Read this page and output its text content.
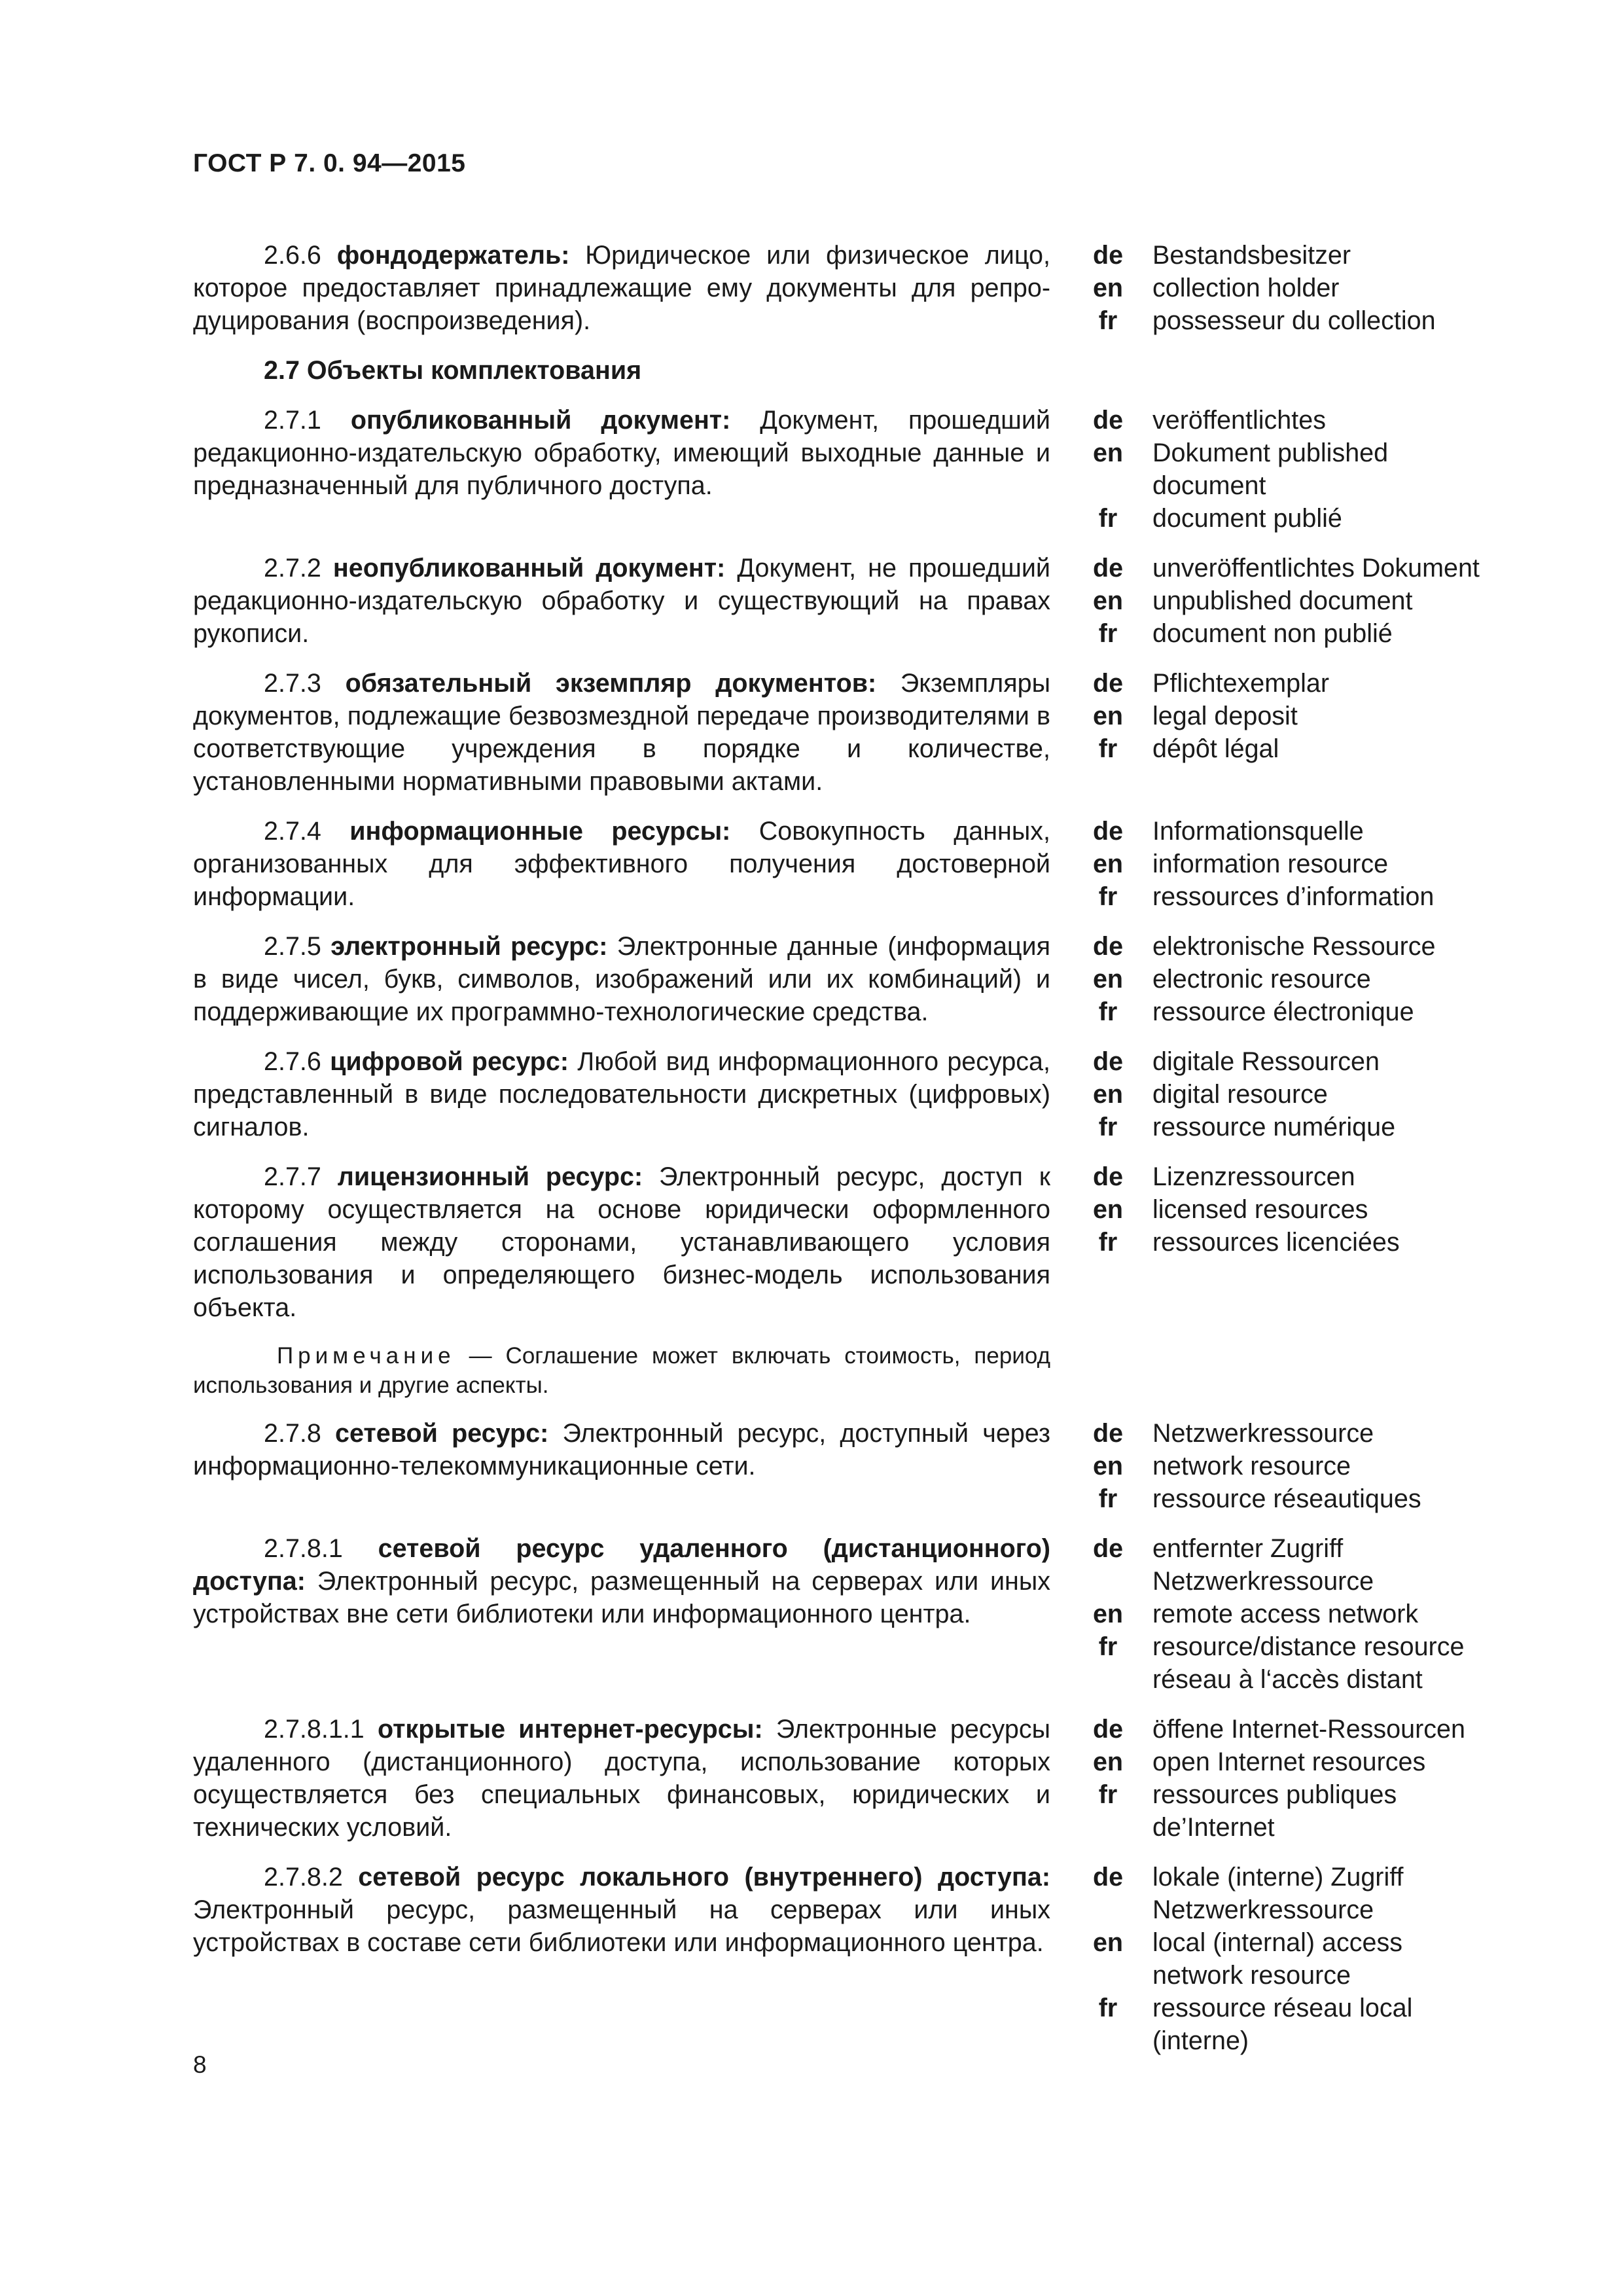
ГОСТ Р 7. 0. 94—2015
2.6.6 фондодержатель: Юридическое или физическое лицо, которое предоставляет принадлежащие ему документы для репро-дуцирования (воспроизведения).
de
en
fr
Bestandsbesitzer
collection holder
possesseur du collection
2.7 Объекты комплектования
2.7.1 опубликованный документ: Документ, прошедший редакционно-издательскую обработку, имеющий выходные данные и предназначенный для публичного доступа.
de
en
fr
veröffentlichtes
Dokument published
document
document publié
2.7.2 неопубликованный документ: Документ, не прошедший редакционно-издательскую обработку и существующий на правах рукописи.
de
en
fr
unveröffentlichtes Dokument
unpublished document
document non publié
2.7.3 обязательный экземпляр документов: Экземпляры документов, подлежащие безвозмездной передаче производителями в соответствующие учреждения в порядке и количестве, установленными нормативными правовыми актами.
de
en
fr
Pflichtexemplar
legal deposit
dépôt légal
2.7.4 информационные ресурсы: Совокупность данных, организованных для эффективного получения достоверной информации.
de
en
fr
Informationsquelle
information resource
ressources d’information
2.7.5 электронный ресурс: Электронные данные (информация в виде чисел, букв, символов, изображений или их комбинаций) и поддерживающие их программно-технологические средства.
de
en
fr
elektronische Ressource
electronic resource
ressource électronique
2.7.6 цифровой ресурс: Любой вид информационного ресурса, представленный в виде последовательности дискретных (цифровых) сигналов.
de
en
fr
digitale Ressourcen
digital resource
ressource numérique
2.7.7 лицензионный ресурс: Электронный ресурс, доступ к которому осуществляется на основе юридически оформленного соглашения между сторонами, устанавливающего условия использования и определяющего бизнес-модель использования объекта.
de
en
fr
Lizenzressourcen
licensed resources
ressources licenciées
Примечание — Соглашение может включать стоимость, период использования и другие аспекты.
2.7.8 сетевой ресурс: Электронный ресурс, доступный через информационно-телекоммуникационные сети.
de
en
fr
Netzwerkressource
network resource
ressource réseautiques
2.7.8.1 сетевой ресурс удаленного (дистанционного) доступа: Электронный ресурс, размещенный на серверах или иных устройствах вне сети библиотеки или информационного центра.
de
en
fr
entfernter Zugriff
Netzwerkressource
remote access network
resource/distance resource
réseau à l‘accès distant
2.7.8.1.1 открытые интернет-ресурсы: Электронные ресурсы удаленного (дистанционного) доступа, использование которых осуществляется без специальных финансовых, юридических и технических условий.
de
en
fr
öffene Internet-Ressourcen
open Internet resources
ressources publiques
de’Internet
2.7.8.2 сетевой ресурс локального (внутреннего) доступа: Электронный ресурс, размещенный на серверах или иных устройствах в составе сети библиотеки или информационного центра.
de
en
fr
lokale (interne) Zugriff
Netzwerkressource
local (internal) access
network resource
ressource réseau local
(interne)
8
